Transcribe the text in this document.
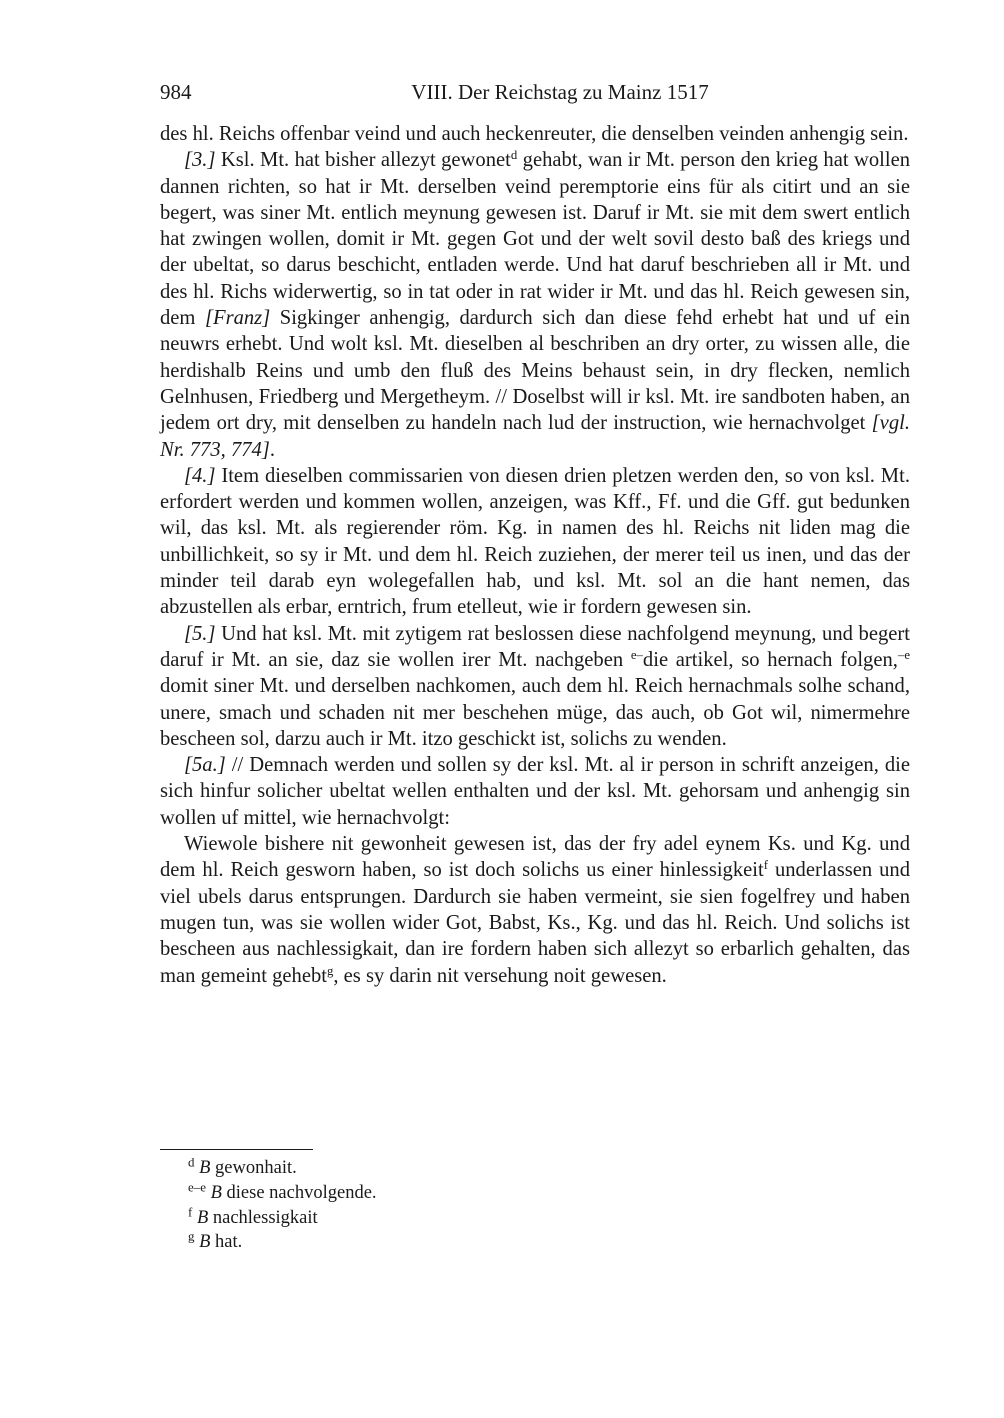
984	VIII. Der Reichstag zu Mainz 1517

des hl. Reichs offenbar veind und auch heckenreuter, die denselben veinden anhengig sein.

[3.] Ksl. Mt. hat bisher allezyt gewonet$^d$ gehabt, wan ir Mt. person den krieg hat wollen dannen richten, so hat ir Mt. derselben veind peremptorie eins für als citirt und an sie begert, was siner Mt. entlich meynung gewesen ist. Daruf ir Mt. sie mit dem swert entlich hat zwingen wollen, domit ir Mt. gegen Got und der welt sovil desto baß des kriegs und der ubeltat, so darus beschicht, entladen werde. Und hat daruf beschrieben all ir Mt. und des hl. Richs widerwertig, so in tat oder in rat wider ir Mt. und das hl. Reich gewesen sin, dem [Franz] Sigkinger anhengig, dardurch sich dan diese fehd erhebt hat und uf ein neuwrs erhebt. Und wolt ksl. Mt. dieselben al beschriben an dry orter, zu wissen alle, die herdishalb Reins und umb den fluß des Meins behaust sein, in dry flecken, nemlich Gelnhusen, Friedberg und Mergetheym. // Doselbst will ir ksl. Mt. ire sandboten haben, an jedem ort dry, mit denselben zu handeln nach lud der instruction, wie hernachvolget [vgl. Nr. 773, 774].

[4.] Item dieselben commissarien von diesen drien pletzen werden den, so von ksl. Mt. erfordert werden und kommen wollen, anzeigen, was Kff., Ff. und die Gff. gut bedunken wil, das ksl. Mt. als regierender röm. Kg. in namen des hl. Reichs nit liden mag die unbillichkeit, so sy ir Mt. und dem hl. Reich zuziehen, der merer teil us inen, und das der minder teil darab eyn wolegefallen hab, und ksl. Mt. sol an die hant nemen, das abzustellen als erbar, erntrich, frum etelleut, wie ir fordern gewesen sin.

[5.] Und hat ksl. Mt. mit zytigem rat beslossen diese nachfolgend meynung, und begert daruf ir Mt. an sie, daz sie wollen irer Mt. nachgeben $^{e-}$die artikel, so hernach folgen,$^{-e}$ domit siner Mt. und derselben nachkomen, auch dem hl. Reich hernachmals solhe schand, unere, smach und schaden nit mer beschehen müge, das auch, ob Got wil, nimermehre bescheen sol, darzu auch ir Mt. itzo geschickt ist, solichs zu wenden.

[5a.] // Demnach werden und sollen sy der ksl. Mt. al ir person in schrift anzeigen, die sich hinfur solicher ubeltat wellen enthalten und der ksl. Mt. gehorsam und anhengig sin wollen uf mittel, wie hernachvolgt:

Wiewole bishere nit gewonheit gewesen ist, das der fry adel eynem Ks. und Kg. und dem hl. Reich gesworn haben, so ist doch solichs us einer hinlessigkeit$^f$ underlassen und viel ubels darus entsprungen. Dardurch sie haben vermeint, sie sien fogelfrey und haben mugen tun, was sie wollen wider Got, Babst, Ks., Kg. und das hl. Reich. Und solichs ist bescheen aus nachlessigkait, dan ire fordern haben sich allezyt so erbarlich gehalten, das man gemeint gehebt$^g$, es sy darin nit versehung noit gewesen.

$^d$ B gewonhait.
$^{e-e}$ B diese nachvolgende.
$^f$ B nachlessigkait
$^g$ B hat.
